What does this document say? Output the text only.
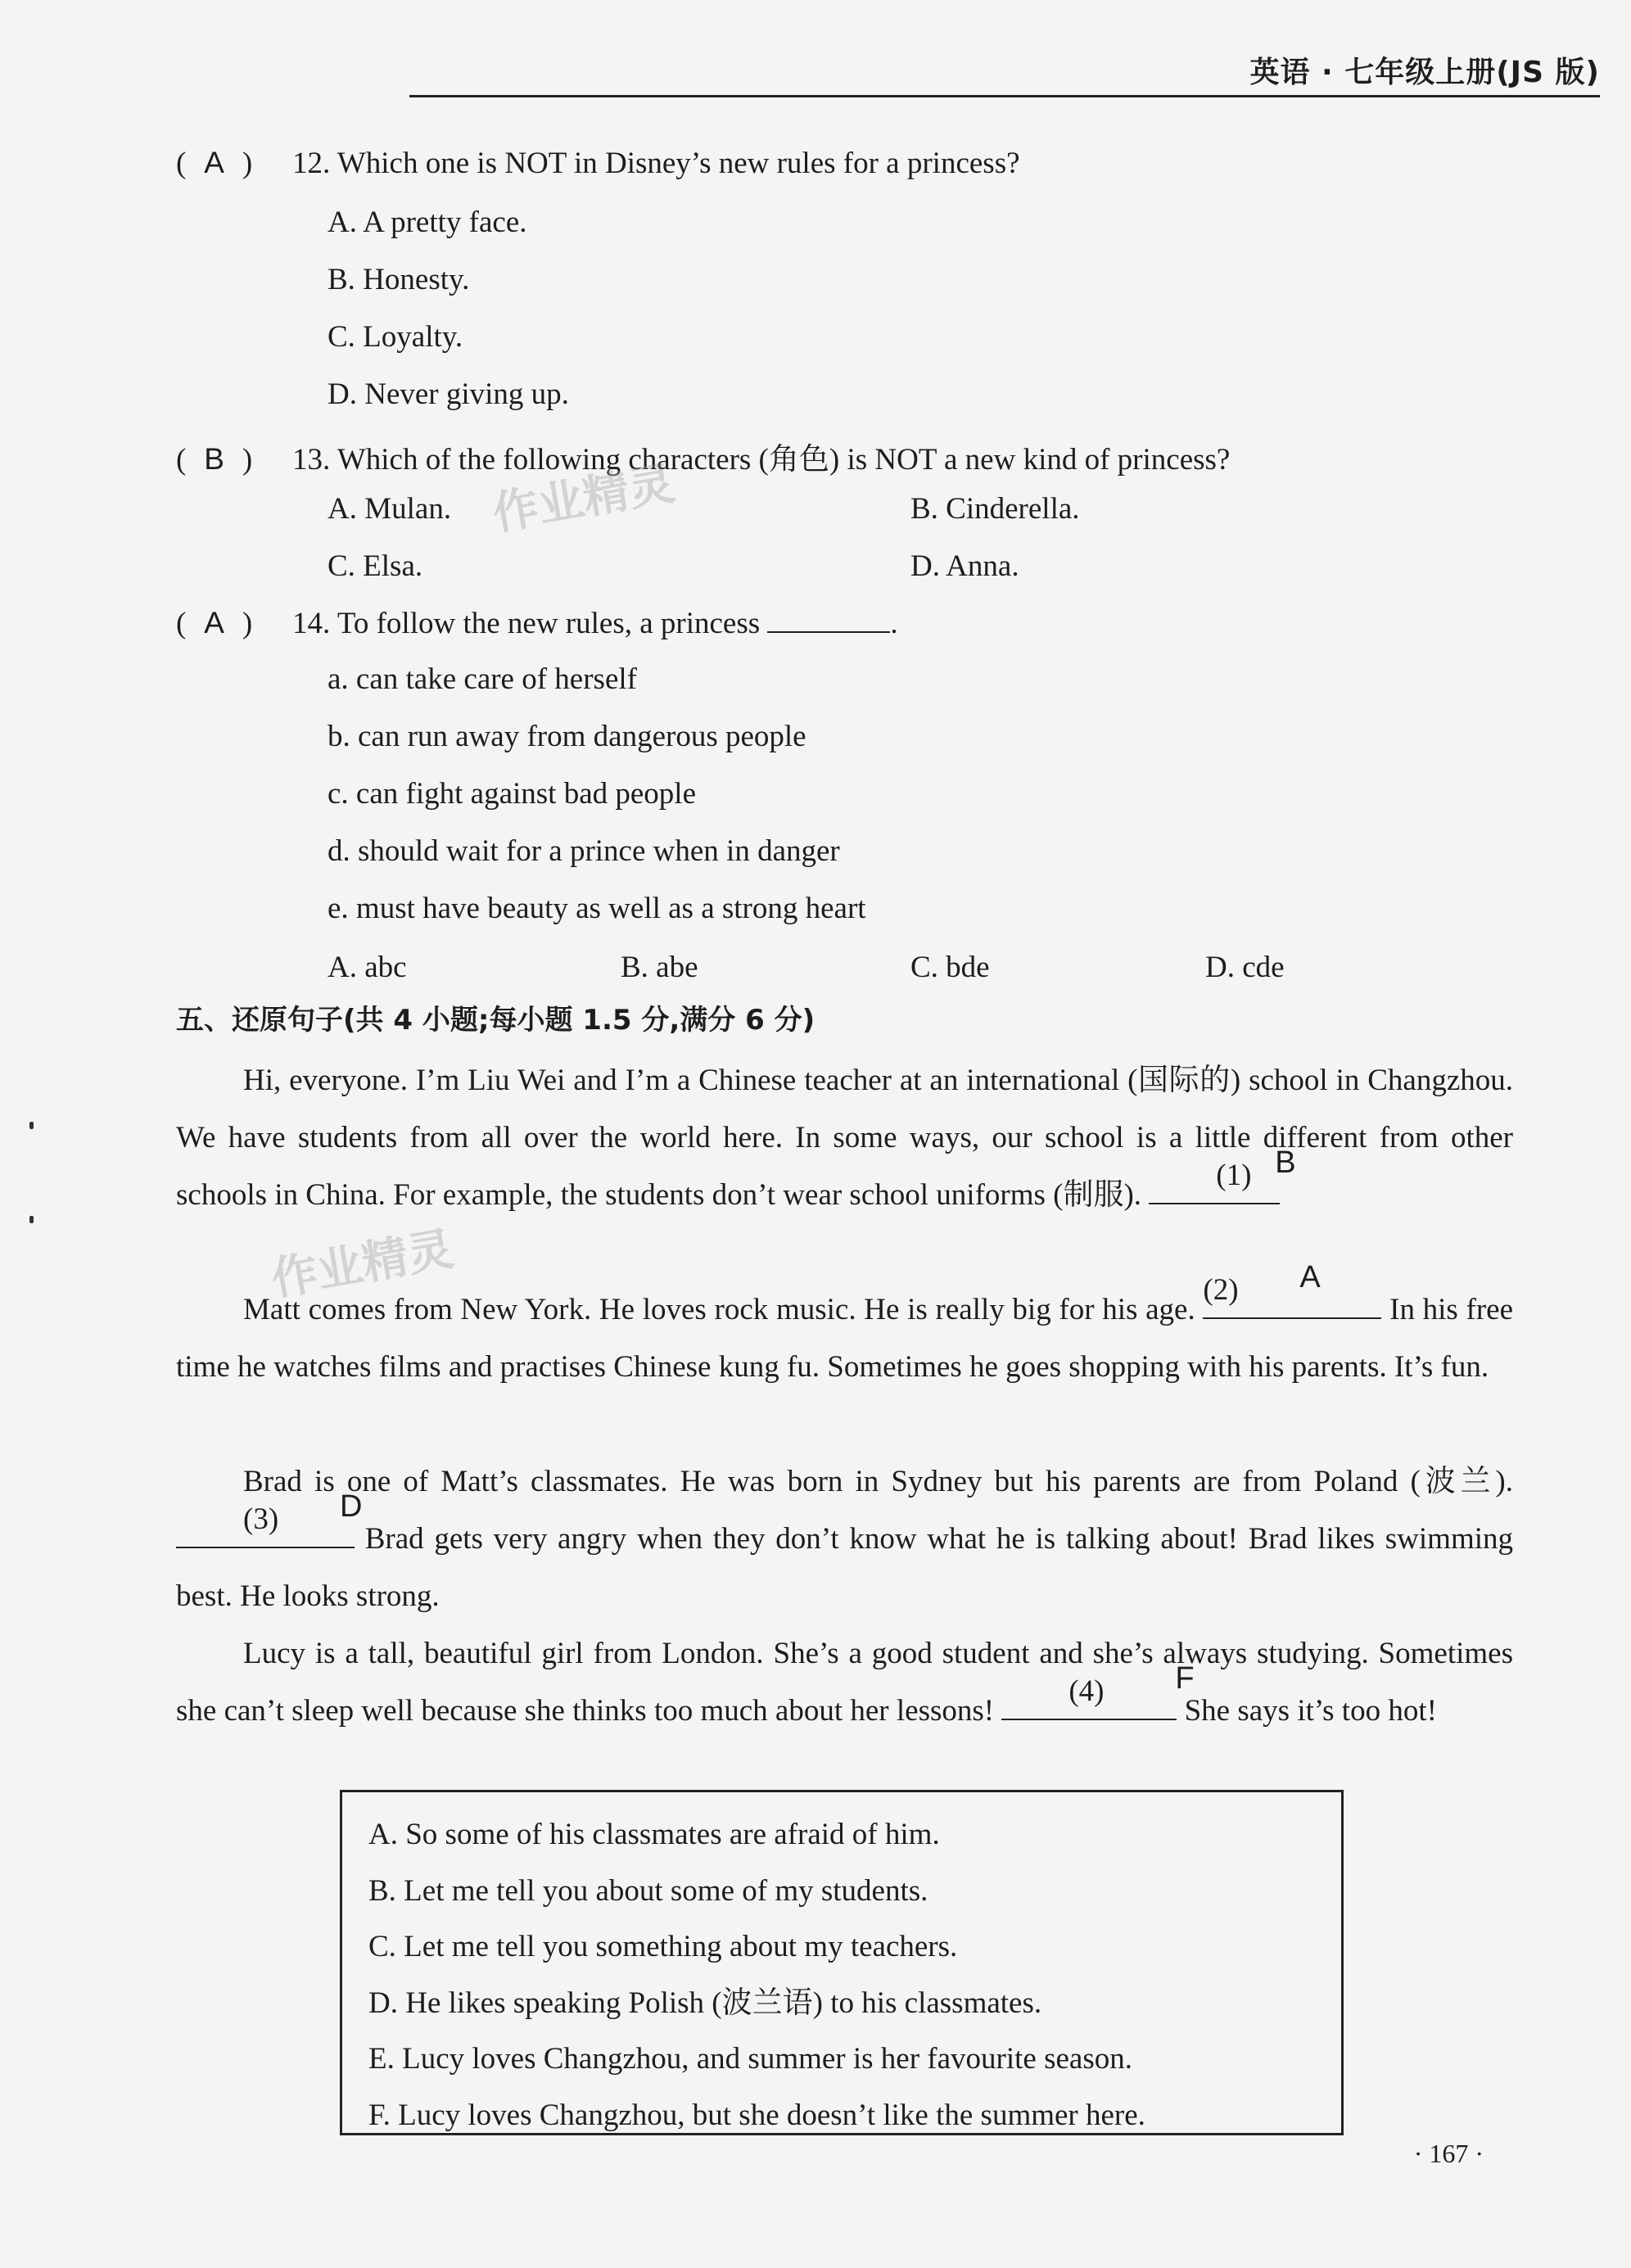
英语 · 七年级上册(JS 版)
( A ) 12. Which one is NOT in Disney’s new rules for a princess?
A. A pretty face.
B. Honesty.
C. Loyalty.
D. Never giving up.
( B ) 13. Which of the following characters (角色) is NOT a new kind of princess?
A. Mulan.	B. Cinderella.
C. Elsa.	D. Anna.
( A ) 14. To follow the new rules, a princess	.
a. can take care of herself
b. can run away from dangerous people
c. can fight against bad people
d. should wait for a prince when in danger
e. must have beauty as well as a strong heart
A. abc	B. abe	C. bde	D. cde
五、还原句子(共 4 小题;每小题 1.5 分,满分 6 分)
Hi, everyone. I’m Liu Wei and I’m a Chinese teacher at an international (国际的) school in Changzhou. We have students from all over the world here. In some ways, our school is a little different from other schools in China. For example, the students don’t wear school uniforms (制服).
(1) B
Matt comes from New York. He loves rock music. He is really big for his age.
(2) A
In his free time he watches films and practises Chinese kung fu. Sometimes he goes shopping with his parents. It’s fun.
Brad is one of Matt’s classmates. He was born in Sydney but his parents are from Poland (波兰).
(3)	D
Brad gets very angry when they don’t know what he is talking about! Brad likes swimming best. He looks strong.
Lucy is a tall, beautiful girl from London. She’s a good student and she’s always studying. Sometimes she can’t sleep well because she thinks too much about her lessons!
(4)	F
She says it’s too hot!
A. So some of his classmates are afraid of him.
B. Let me tell you about some of my students.
C. Let me tell you something about my teachers.
D. He likes speaking Polish (波兰语) to his classmates.
E. Lucy loves Changzhou, and summer is her favourite season.
F. Lucy loves Changzhou, but she doesn’t like the summer here.
作业精灵
作业精灵
· 167 ·
